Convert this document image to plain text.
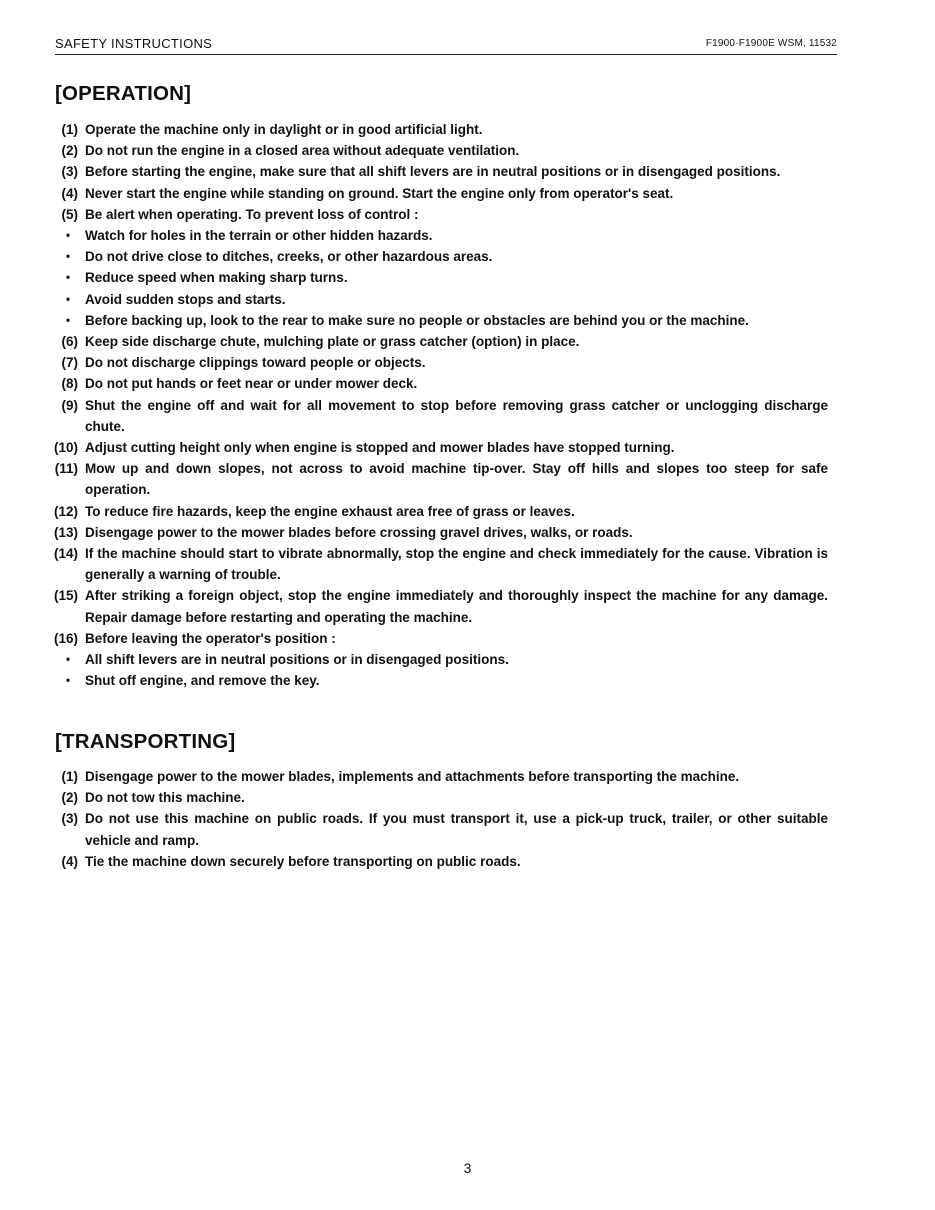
SAFETY INSTRUCTIONS	F1900·F1900E WSM, 11532
[OPERATION]
(1) Operate the machine only in daylight or in good artificial light.
(2) Do not run the engine in a closed area without adequate ventilation.
(3) Before starting the engine, make sure that all shift levers are in neutral positions or in disengaged positions.
(4) Never start the engine while standing on ground. Start the engine only from operator's seat.
(5) Be alert when operating. To prevent loss of control :
• Watch for holes in the terrain or other hidden hazards.
• Do not drive close to ditches, creeks, or other hazardous areas.
• Reduce speed when making sharp turns.
• Avoid sudden stops and starts.
• Before backing up, look to the rear to make sure no people or obstacles are behind you or the machine.
(6) Keep side discharge chute, mulching plate or grass catcher (option) in place.
(7) Do not discharge clippings toward people or objects.
(8) Do not put hands or feet near or under mower deck.
(9) Shut the engine off and wait for all movement to stop before removing grass catcher or unclogging discharge chute.
(10) Adjust cutting height only when engine is stopped and mower blades have stopped turning.
(11) Mow up and down slopes, not across to avoid machine tip-over. Stay off hills and slopes too steep for safe operation.
(12) To reduce fire hazards, keep the engine exhaust area free of grass or leaves.
(13) Disengage power to the mower blades before crossing gravel drives, walks, or roads.
(14) If the machine should start to vibrate abnormally, stop the engine and check immediately for the cause. Vibration is generally a warning of trouble.
(15) After striking a foreign object, stop the engine immediately and thoroughly inspect the machine for any damage. Repair damage before restarting and operating the machine.
(16) Before leaving the operator's position :
• All shift levers are in neutral positions or in disengaged positions.
• Shut off engine, and remove the key.
[TRANSPORTING]
(1) Disengage power to the mower blades, implements and attachments before transporting the machine.
(2) Do not tow this machine.
(3) Do not use this machine on public roads. If you must transport it, use a pick-up truck, trailer, or other suitable vehicle and ramp.
(4) Tie the machine down securely before transporting on public roads.
3
